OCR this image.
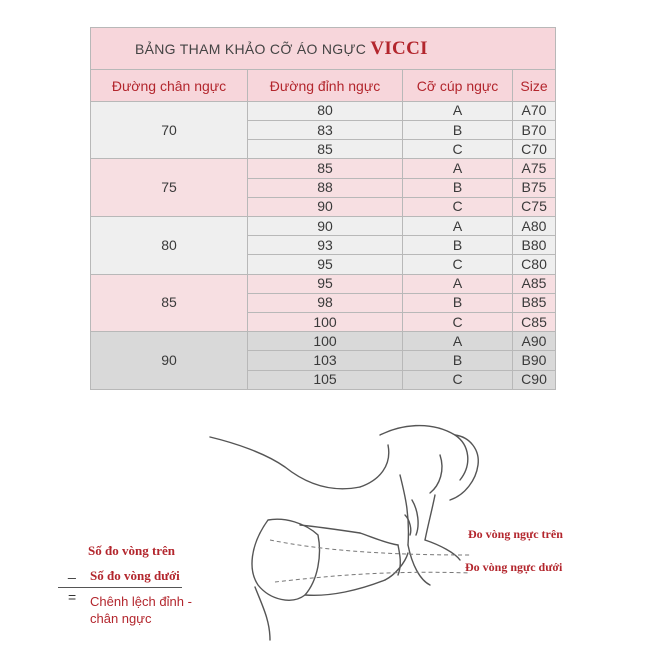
BẢNG THAM KHẢO CỠ ÁO NGỰC VICCI			
Đường chân ngực	Đường đỉnh ngực	Cỡ cúp ngực	Size
70	80	A	A70
	83	B	B70
	85	C	C70
75	85	A	A75
	88	B	B75
	90	C	C75
80	90	A	A80
	93	B	B80
	95	C	C80
85	95	A	A85
	98	B	B85
	100	C	C85
90	100	A	A90
	103	B	B90
	105	C	C90
Đo vòng ngực trên
Đo vòng ngực dưới
Số đo vòng trên
_ Số đo vòng dưới
= Chênh lệch đỉnh -
chân ngực
